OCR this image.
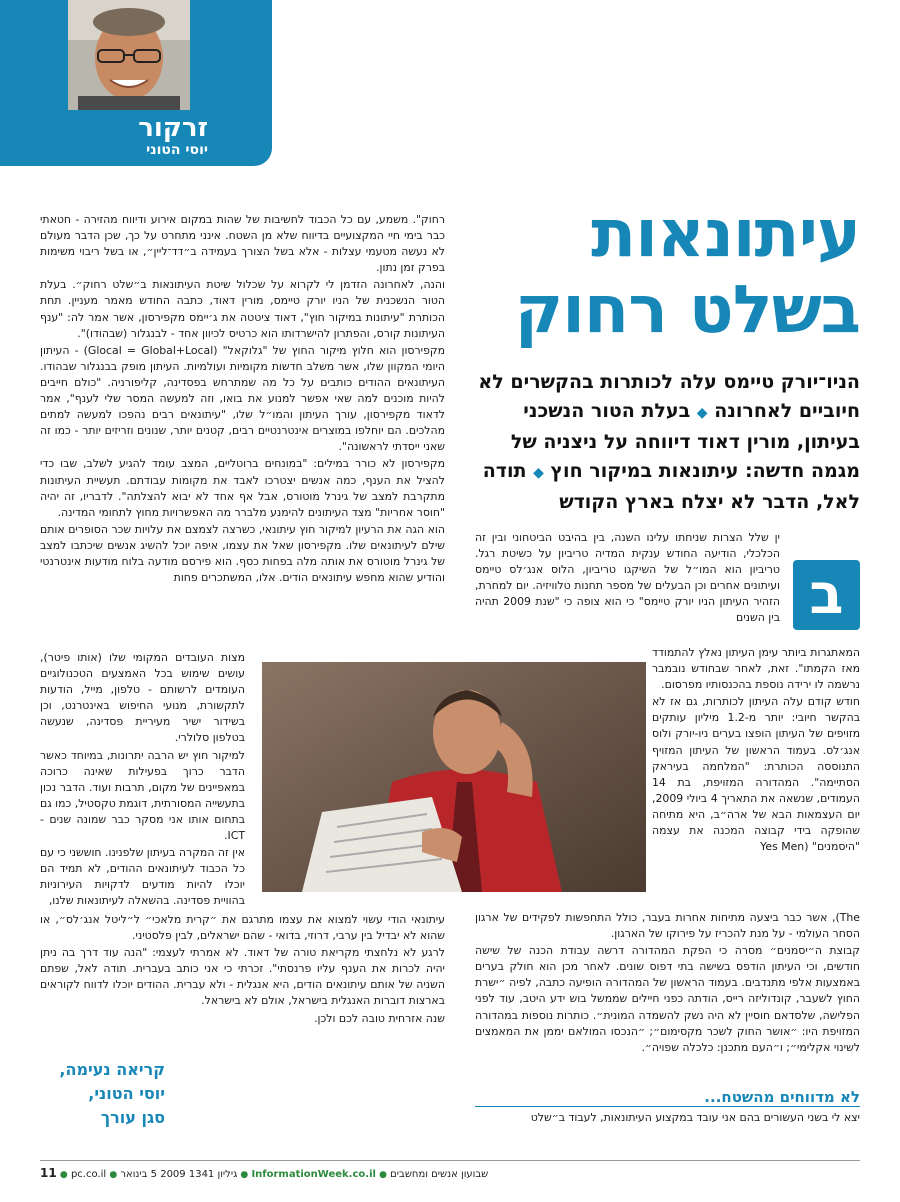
זרקור
יוסי הטוני
עיתונאות
בשלט רחוק
הניו־יורק טיימס עלה לכותרות בהקשרים לא חיוביים לאחרונה ◆ בעלת הטור הנשכני בעיתון, מורין דאוד דיווחה על ניצניה של מגמה חדשה: עיתונאות במיקור חוץ ◆ תודה לאל, הדבר לא יצלח בארץ הקודש

רחוק". משמע, עם כל הכבוד לחשיבות של שהות במקום אירוע ודיווח מהזירה - חטאתי כבר בימי חיי המקצועיים בדיווח שלא מן השטח. אינני מתחרט על כך, שכן הדבר מעולם לא נעשה מטעמי עצלות - אלא בשל הצורך בעמידה ב״דד־ליין״, או בשל ריבוי משימות בפרק זמן נתון.

והנה, לאחרונה הזדמן לי לקרוא על שכלול שיטת העיתונאות ב״שלט רחוק״. בעלת הטור הנשכנית של הניו יורק טיימס, מורין דאוד, כתבה החודש מאמר מעניין. תחת הכותרת "עיתונות במיקור חוץ", דאוד ציטטה את ג׳יימס מקפירסון, אשר אמר לה: "ענף העיתונות קורס, והפתרון להישרדותו הוא כרטיס לכיוון אחד - לבנגלור (שבהודו)".

מקפירסון הוא חלוץ מיקור החוץ של "גלוקאל" (Glocal = Global+Local) - העיתון היומי המקוון שלו, אשר משלב חדשות מקומיות ועולמיות. העיתון מופק בבנגלור שבהודו. העיתונאים ההודים כותבים על כל מה שמתרחש בפסדינה, קליפורניה. "כולם חייבים להיות מוכנים למה שאי אפשר למנוע את בואו, וזה למעשה המסר שלי לענף", אמר לדאוד מקפירסון, עורך העיתון והמו״ל שלו, "עיתונאים רבים נהפכו למעשה למתים מהלכים. הם יוחלפו במוצרים אינטרנטיים רבים, קטנים יותר, שנונים וזריזים יותר - כמו זה שאני ייסדתי לראשונה".

מקפירסון לא כורר במילים: "במונחים ברוטליים, המצב עומד להגיע לשלב, שבו כדי להציל את הענף, כמה אנשים יצטרכו לאבד את מקומות עבודתם. תעשיית העיתונות מתקרבת למצב של גינרל מוטורס, אבל אף אחד לא יבוא להצלתה". לדבריו, זה יהיה "חוסר אחריות" מצד העיתונים להימנע מלברר מה האפשרויות מחוץ לתחומי המדינה.

הוא הגה את הרעיון למיקור חוץ עיתונאי, כשרצה לצמצם את עלויות שכר הסופרים אותם שילם לעיתונאים שלו. מקפירסון שאל את עצמו, איפה יוכל להשיג אנשים שיכתבו למצב של גינרל מוטורס את אותה מלה בפחות כסף. הוא פירסם מודעה בלוח מודעות אינטרנטי והודיע שהוא מחפש עיתונאים הודים. אלו, המשתכרים פחות

מצות העובדים המקומי שלו (אותו פיטר), עושים שימוש בכל האמצעים הטכנולוגיים העומדים לרשותם - טלפון, מייל, הודעות לתקשורת, מנועי החיפוש באינטרנט, וכן בשידור ישיר מעיריית פסדינה, שנעשה בטלפון סלולרי.

למיקור חוץ יש הרבה יתרונות, במיוחד כאשר הדבר כרוך בפעילות שאינה כרוכה במאפיינים של מקום, תרבות ועוד. הדבר נכון בתעשייה המסורתית, דוגמת טקסטיל, כמו גם בתחום אותו אני מסקר כבר שמונה שנים - ICT.

אין זה המקרה בעיתון שלפנינו. חוששני כי עם כל הכבוד לעיתונאים ההודים, לא תמיד הם יוכלו להיות מודעים לדקויות העירוניות בהוויית פסדינה. בהשאלה לעיתונאות שלנו,

עיתונאי הודי עשוי למצוא את עצמו מתרגם את ״קרית מלאכי״ ל״ליטל אנג׳לס״, או שהוא לא יבדיל בין ערבי, דרוזי, בדואי - שהם ישראלים, לבין פלסטיני.

לרגע לא נלחצתי מקריאת טורה של דאוד. לא אמרתי לעצמי: "הנה עוד דרך בה ניתן יהיה לכרות את הענף עליו פרנסתי". זכרתי כי אני כותב בעברית. תודה לאל, שפתם השניה של אותם עיתונאים הודים, היא אנגלית - ולא עברית. ההודים יוכלו לדווח לקוראים בארצות דוברות האנגלית בישראל, אולם לא בישראל.

שנה אזרחית טובה לכם ולכן.

ב

ין שלל הצרות שניחתו עלינו השנה, בין בהיבט הביטחוני ובין זה הכלכלי, הודיעה החודש ענקית המדיה טריביון על כשיטת רגל. טריביון הוא המו״ל של השיקגו טריביון, הלוס אנג׳לס טיימס ועיתונים אחרים וכן הבעלים של מספר תחנות טלוויזיה. יום למחרת, הזהיר העיתון הניו יורק טיימס" כי הוא צופה כי "שנת 2009 תהיה בין השנים

המאתגרות ביותר עימן העיתון נאלץ להתמודד מאז הקמתו". זאת, לאחר שבחודש נובמבר נרשמה לו ירידה נוספת בהכנסותיו מפרסום.

חודש קודם עלה העיתון לכותרות, גם אז לא בהקשר חיובי: יותר מ-1.2 מיליון עותקים מזויפים של העיתון הופצו בערים ניו-יורק ולוס אנג׳לס. בעמוד הראשון של העיתון המזויף התנוססה הכותרת: "המלחמה בעיראק הסתיימה". המהדורה המזויפת, בת 14 העמודים, שנשאה את התאריך 4 ביולי 2009, יום העצמאות הבא של ארה״ב, היא מתיחה שהופקה בידי קבוצה המכנה את עצמה "היסמנים" (Yes Men

The), אשר כבר ביצעה מתיחות אחרות בעבר, כולל התחפשות לפקידים של ארגון הסחר העולמי - על מנת להכריז על פירוקו של הארגון.

קבוצת ה״יסמנים״ מסרה כי הפקת המהדורה דרשה עבודת הכנה של שישה חודשים, וכי העיתון הודפס בשישה בתי דפוס שונים. לאחר מכן הוא חולק בערים באמצעות אלפי מתנדבים. בעמוד הראשון של המהדורה הופיעה כתבה, לפיה ״ישרת החוץ לשעבר, קונדוליזה רייס, הודתה כפני חיילים שממשל בוש ידע היטב, עוד לפני הפלישה, שלסדאם חוסיין לא היה נשק להשמדה המונית״. כותרות נוספות במהדורה המזויפת היו: ״אושר החוק לשכר מקסימום״; ״הנכסו המולאם יממן את המאמצים לשינוי אקלימי״; ו״העם מתכנן: כלכלה שפויה״.

קריאה נעימה,
יוסי הטוני,
סגן עורך
לא מדווחים מהשטח...
יצא לי בשני העשורים בהם אני עובד במקצוע העיתונאות, לעבוד ב״שלט
11 ● pc.co.il ● 2009 5 בינואר גיליון 1341 ● InformationWeek.co.il ● שבועון אנשים ומחשבים
